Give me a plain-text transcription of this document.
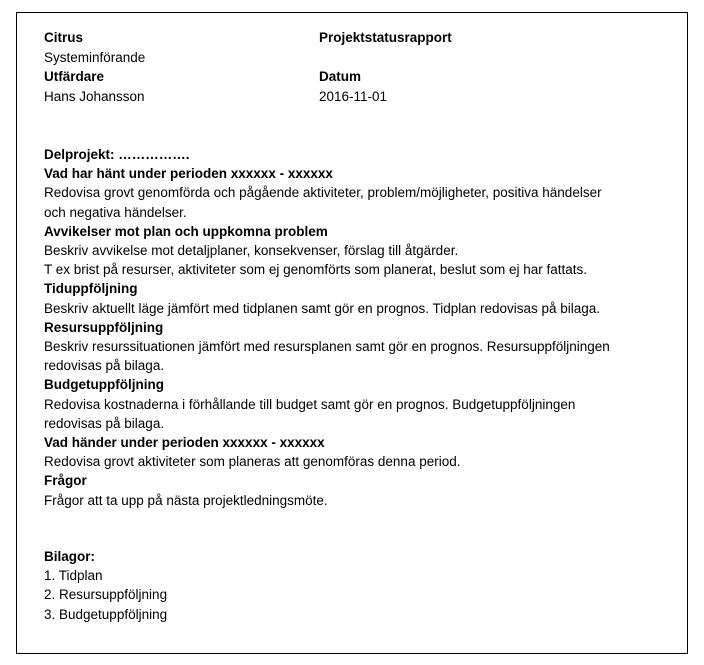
Citrus	Projektstatusrapport
Systeminförande
Utfärdare	Datum
Hans Johansson	2016-11-01

Delprojekt: …………….

Vad har hänt under perioden xxxxxx - xxxxxx

Redovisa grovt genomförda och pågående aktiviteter, problem/möjligheter, positiva händelser

och negativa händelser.

Avvikelser mot plan och uppkomna problem

Beskriv avvikelse mot detaljplaner, konsekvenser, förslag till åtgärder.

T ex brist på resurser, aktiviteter som ej genomförts som planerat, beslut som ej har fattats.

Tiduppföljning

Beskriv aktuellt läge jämfört med tidplanen samt gör en prognos. Tidplan redovisas på bilaga.

Resursuppföljning

Beskriv resurssituationen jämfört med resursplanen samt gör en prognos. Resursuppföljningen

redovisas på bilaga.

Budgetuppföljning

Redovisa kostnaderna i förhållande till budget samt gör en prognos. Budgetuppföljningen

redovisas på bilaga.

Vad händer under perioden xxxxxx - xxxxxx

Redovisa grovt aktiviteter som planeras att genomföras denna period.

Frågor

Frågor att ta upp på nästa projektledningsmöte.

Bilagor:

1. Tidplan
2. Resursuppföljning
3. Budgetuppföljning
